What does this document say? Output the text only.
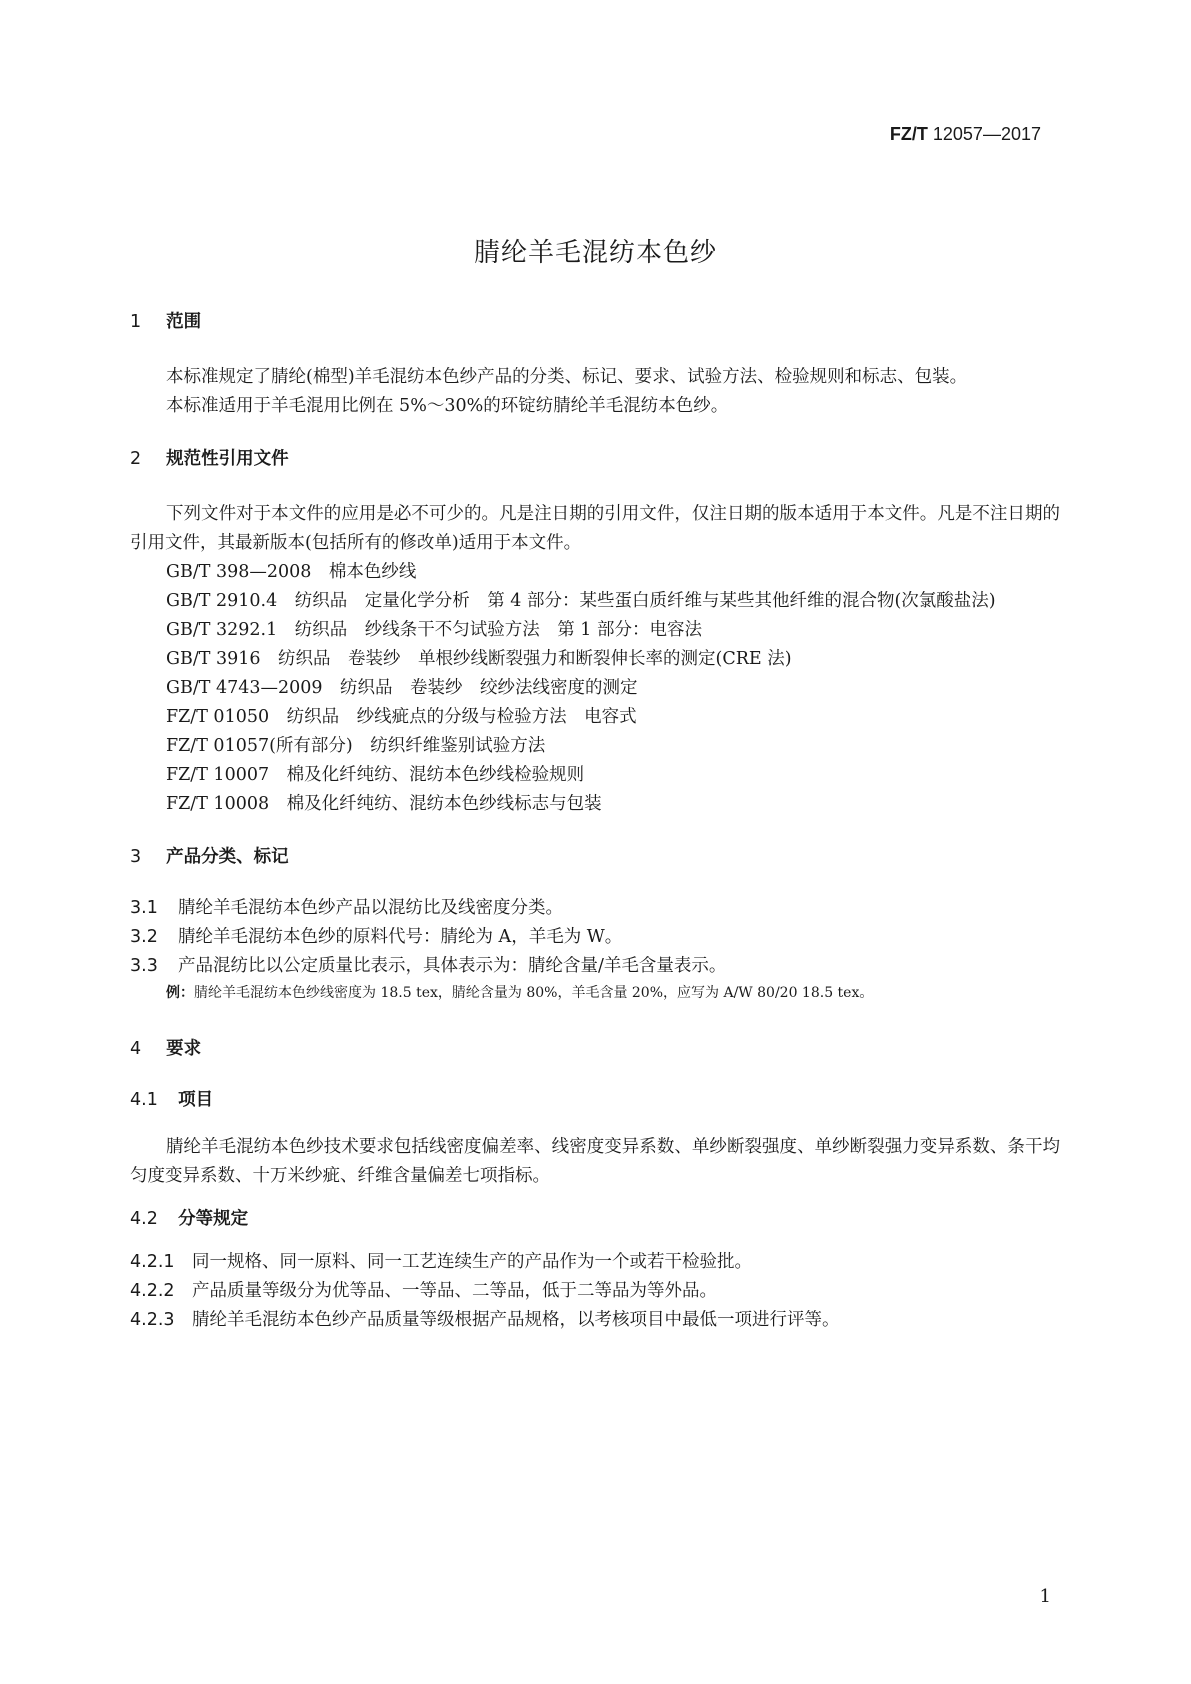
FZ/T 12057—2017
腈纶羊毛混纺本色纱
1 范围

本标准规定了腈纶(棉型)羊毛混纺本色纱产品的分类、标记、要求、试验方法、检验规则和标志、包装。

本标准适用于羊毛混用比例在 5%～30%的环锭纺腈纶羊毛混纺本色纱。

2 规范性引用文件

下列文件对于本文件的应用是必不可少的。凡是注日期的引用文件，仅注日期的版本适用于本文件。凡是不注日期的引用文件，其最新版本(包括所有的修改单)适用于本文件。

GB/T 398—2008　棉本色纱线

GB/T 2910.4　纺织品　定量化学分析　第 4 部分：某些蛋白质纤维与某些其他纤维的混合物(次氯酸盐法)

GB/T 3292.1　纺织品　纱线条干不匀试验方法　第 1 部分：电容法

GB/T 3916　纺织品　卷装纱　单根纱线断裂强力和断裂伸长率的测定(CRE 法)

GB/T 4743—2009　纺织品　卷装纱　绞纱法线密度的测定

FZ/T 01050　纺织品　纱线疵点的分级与检验方法　电容式

FZ/T 01057(所有部分)　纺织纤维鉴别试验方法

FZ/T 10007　棉及化纤纯纺、混纺本色纱线检验规则

FZ/T 10008　棉及化纤纯纺、混纺本色纱线标志与包装

3 产品分类、标记

3.1 腈纶羊毛混纺本色纱产品以混纺比及线密度分类。

3.2 腈纶羊毛混纺本色纱的原料代号：腈纶为 A，羊毛为 W。

3.3 产品混纺比以公定质量比表示，具体表示为：腈纶含量/羊毛含量表示。

例：腈纶羊毛混纺本色纱线密度为 18.5 tex，腈纶含量为 80%，羊毛含量 20%，应写为 A/W 80/20 18.5 tex。

4 要求
4.1 项目

腈纶羊毛混纺本色纱技术要求包括线密度偏差率、线密度变异系数、单纱断裂强度、单纱断裂强力变异系数、条干均匀度变异系数、十万米纱疵、纤维含量偏差七项指标。

4.2 分等规定

4.2.1 同一规格、同一原料、同一工艺连续生产的产品作为一个或若干检验批。

4.2.2 产品质量等级分为优等品、一等品、二等品，低于二等品为等外品。

4.2.3 腈纶羊毛混纺本色纱产品质量等级根据产品规格，以考核项目中最低一项进行评等。

1
